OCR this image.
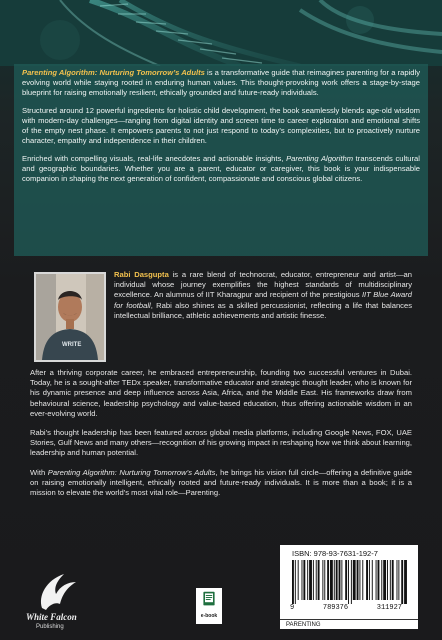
Parenting Algorithm: Nurturing Tomorrow’s Adults is a transformative guide that reimagines parenting for a rapidly evolving world while staying rooted in enduring human values. This thought-provoking work offers a stage-by-stage blueprint for raising emotionally resilient, ethically grounded and future-ready individuals.

Structured around 12 powerful ingredients for holistic child development, the book seamlessly blends age-old wisdom with modern-day challenges—ranging from digital identity and screen time to career exploration and emotional shifts of the empty nest phase. It empowers parents to not just respond to today’s complexities, but to proactively nurture character, empathy and independence in their children.

Enriched with compelling visuals, real-life anecdotes and actionable insights, Parenting Algorithm transcends cultural and geographic boundaries. Whether you are a parent, educator or caregiver, this book is your indispensable companion in shaping the next generation of confident, compassionate and conscious global citizens.

WRITE

Rabi Dasgupta is a rare blend of technocrat, educator, entrepreneur and artist—an individual whose journey exemplifies the highest standards of multidisciplinary excellence. An alumnus of IIT Kharagpur and recipient of the prestigious IIT Blue Award for football, Rabi also shines as a skilled percussionist, reflecting a life that balances intellectual brilliance, athletic achievements and artistic finesse.

After a thriving corporate career, he embraced entrepreneurship, founding two successful ventures in Dubai. Today, he is a sought-after TEDx speaker, transformative educator and strategic thought leader, who is known for his dynamic presence and deep influence across Asia, Africa, and the Middle East. His frameworks draw from behavioural science, leadership psychology and value-based education, thus offering actionable wisdom in an ever-evolving world.

Rabi’s thought leadership has been featured across global media platforms, including Google News, FOX, UAE Stories, Gulf News and many others—recognition of his growing impact in reshaping how we think about learning, leadership and human potential.

With Parenting Algorithm: Nurturing Tomorrow’s Adults, he brings his vision full circle—offering a definitive guide on raising emotionally intelligent, ethically rooted and future-ready individuals. It is more than a book; it is a mission to elevate the world’s most vital role—Parenting.

White Falcon
Publishing
e-book
ISBN: 978-93-7631-192-7
9	789376	311927
PARENTING
